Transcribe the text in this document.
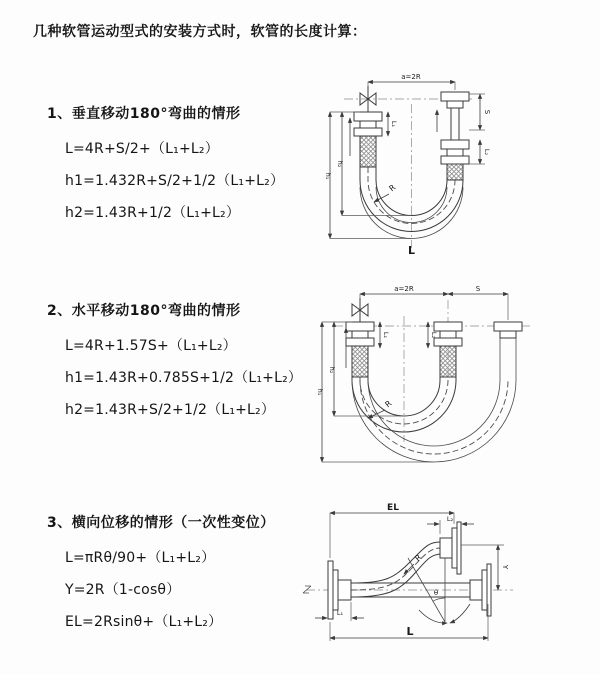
几种软管运动型式的安装方式时，软管的长度计算：
1、垂直移动180°弯曲的情形
L=4R+S/2+（L₁+L₂）
h1=1.432R+S/2+1/2（L₁+L₂）
h2=1.43R+1/2（L₁+L₂）
2、水平移动180°弯曲的情形
L=4R+1.57S+（L₁+L₂）
h1=1.43R+0.785S+1/2（L₁+L₂）
h2=1.43R+S/2+1/2（L₁+L₂）
3、横向位移的情形（一次性变位）
L=πRθ/90+（L₁+L₂）
Y=2R（1-cosθ）
EL=2Rsinθ+（L₁+L₂）
a=2R
L₁
S
L₂
h₁
h₂
R
L
a=2R	S
L₁	L₂
h₁
h₂
R
EL
L₂
Y
θ
R
L
L₁
